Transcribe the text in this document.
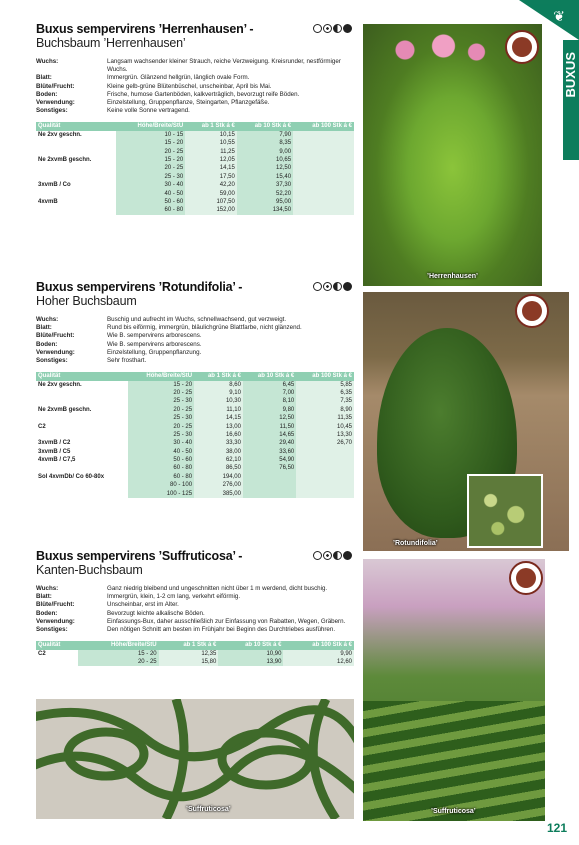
❦
BUXUS
Buxus sempervirens ’Herrenhausen’ -
Buchsbaum ’Herrenhausen’
Wuchs:	Langsam wachsender kleiner Strauch, reiche Verzweigung. Kreisrunder, nestförmiger Wuchs.
Blatt:	Immergrün. Glänzend hellgrün, länglich ovale Form.
Blüte/Frucht:	Kleine gelb-grüne Blütenbüschel, unscheinbar, April bis Mai.
Boden:	Frische, humose Gartenböden, kalkverträglich, bevorzugt reife Böden.
Verwendung:	Einzelstellung, Gruppenpflanze, Steingarten, Pflanzgefäße.
Sonstiges:	Keine volle Sonne vertragend.
Qualität	Höhe/Breite/StU	ab 1 Stk á €	ab 10 Stk á €	ab 100 Stk á €
Ne 2xv geschn.	10 - 15	10,15	7,90	
	15 - 20	10,55	8,35	
	20 - 25	11,25	9,00	
Ne 2xvmB geschn.	15 - 20	12,05	10,65	
	20 - 25	14,15	12,50	
	25 - 30	17,50	15,40	
3xvmB / Co	30 - 40	42,20	37,30	
	40 - 50	59,00	52,20	
4xvmB	50 - 60	107,50	95,00	
	60 - 80	152,00	134,50	
Buxus sempervirens ’Rotundifolia’ -
Hoher Buchsbaum
Wuchs:	Buschig und aufrecht im Wuchs, schnellwachsend, gut verzweigt.
Blatt:	Rund bis eiförmig, immergrün, bläulichgrüne Blattfarbe, nicht glänzend.
Blüte/Frucht:	Wie B. sempervirens arborescens.
Boden:	Wie B. sempervirens arborescens.
Verwendung:	Einzelstellung, Gruppenpflanzung.
Sonstiges:	Sehr frosthart.
Qualität	Höhe/Breite/StU	ab 1 Stk á €	ab 10 Stk á €	ab 100 Stk á €
Ne 2xv geschn.	15 - 20	8,60	6,45	5,85
	20 - 25	9,10	7,00	6,35
	25 - 30	10,30	8,10	7,35
Ne 2xvmB geschn.	20 - 25	11,10	9,80	8,90
	25 - 30	14,15	12,50	11,35
C2	20 - 25	13,00	11,50	10,45
	25 - 30	16,60	14,65	13,30
3xvmB / C2	30 - 40	33,30	29,40	26,70
3xvmB / C5	40 - 50	38,00	33,60	
4xvmB / C7,5	50 - 60	62,10	54,90	
	60 - 80	86,50	76,50	
Sol 4xvmDb/ Co 60-80x	60 - 80	194,00		
	80 - 100	276,00		
	100 - 125	385,00		
Buxus sempervirens ’Suffruticosa’ -
Kanten-Buchsbaum
Wuchs:	Ganz niedrig bleibend und ungeschnitten nicht über 1 m werdend, dicht buschig.
Blatt:	Immergrün, klein, 1-2 cm lang, verkehrt eiförmig.
Blüte/Frucht:	Unscheinbar, erst im Alter.
Boden:	Bevorzugt leichte alkalische Böden.
Verwendung:	Einfassungs-Bux, daher ausschließlich zur Einfassung von Rabatten, Wegen, Gräbern.
Sonstiges:	Den nötigen Schnitt am besten im Frühjahr bei Beginn des Durchtriebes ausführen.
Qualität	Höhe/Breite/StU	ab 1 Stk á €	ab 10 Stk á €	ab 100 Stk á €
C2	15 - 20	12,35	10,90	9,90
	20 - 25	15,80	13,90	12,60
’Herrenhausen’
’Rotundifolia’
’Suffruticosa’
’Suffruticosa’
121
